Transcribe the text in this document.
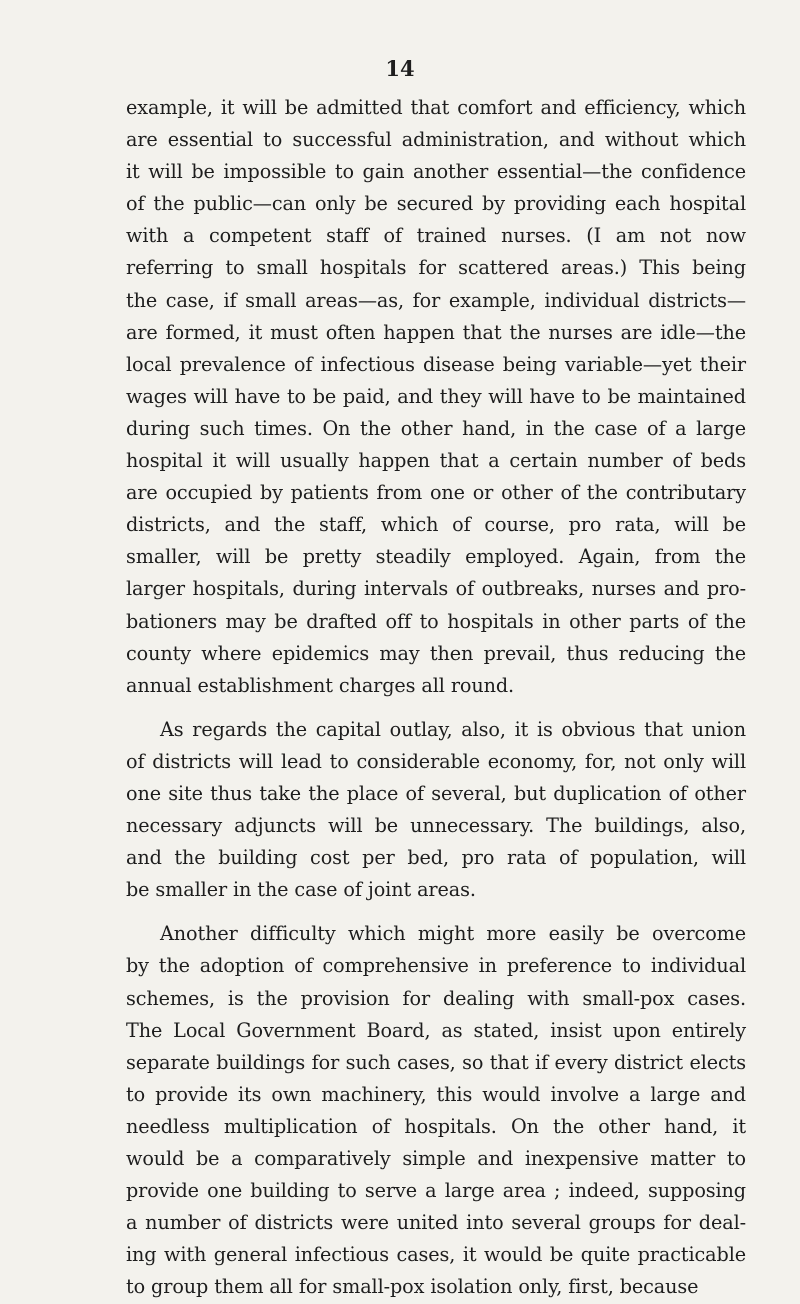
14
example, it will be admitted that comfort and efficiency, which
are essential to successful administration, and without which
it will be impossible to gain another essential—the confidence
of the public—can only be secured by providing each hospital
with a competent staff of trained nurses. (I am not now
referring to small hospitals for scattered areas.) This being
the case, if small areas—as, for example, individual districts—
are formed, it must often happen that the nurses are idle—the
local prevalence of infectious disease being variable—yet their
wages will have to be paid, and they will have to be maintained
during such times. On the other hand, in the case of a large
hospital it will usually happen that a certain number of beds
are occupied by patients from one or other of the contributary
districts, and the staff, which of course, pro rata, will be
smaller, will be pretty steadily employed. Again, from the
larger hospitals, during intervals of outbreaks, nurses and pro-
bationers may be drafted off to hospitals in other parts of the
county where epidemics may then prevail, thus reducing the
annual establishment charges all round.
As regards the capital outlay, also, it is obvious that union
of districts will lead to considerable economy, for, not only will
one site thus take the place of several, but duplication of other
necessary adjuncts will be unnecessary. The buildings, also,
and the building cost per bed, pro rata of population, will
be smaller in the case of joint areas.
Another difficulty which might more easily be overcome
by the adoption of comprehensive in preference to individual
schemes, is the provision for dealing with small-pox cases.
The Local Government Board, as stated, insist upon entirely
separate buildings for such cases, so that if every district elects
to provide its own machinery, this would involve a large and
needless multiplication of hospitals. On the other hand, it
would be a comparatively simple and inexpensive matter to
provide one building to serve a large area ; indeed, supposing
a number of districts were united into several groups for deal-
ing with general infectious cases, it would be quite practicable
to group them all for small-pox isolation only, first, because
